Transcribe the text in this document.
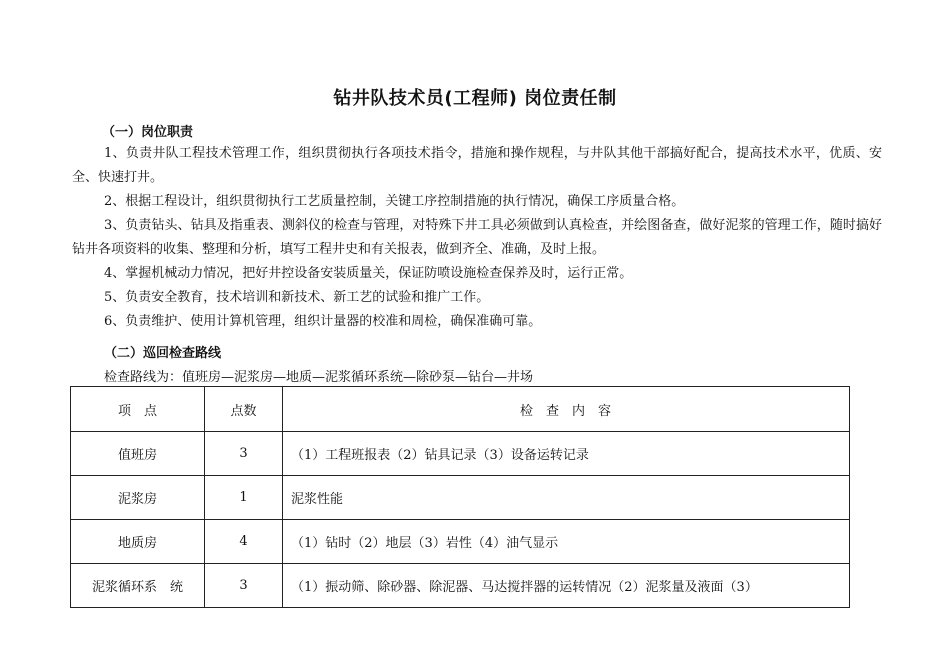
钻井队技术员(工程师) 岗位责任制
（一）岗位职责
1、负责井队工程技术管理工作，组织贯彻执行各项技术指令，措施和操作规程，与井队其他干部搞好配合，提高技术水平，优质、安全、快速打井。
2、根据工程设计，组织贯彻执行工艺质量控制，关键工序控制措施的执行情况，确保工序质量合格。
3、负责钻头、钻具及指重表、测斜仪的检查与管理，对特殊下井工具必须做到认真检查，并绘图备查，做好泥浆的管理工作，随时搞好钻井各项资料的收集、整理和分析，填写工程井史和有关报表，做到齐全、准确，及时上报。
4、掌握机械动力情况，把好井控设备安装质量关，保证防喷设施检查保养及时，运行正常。
5、负责安全教育，技术培训和新技术、新工艺的试验和推广工作。
6、负责维护、使用计算机管理，组织计量器的校准和周检，确保准确可靠。
（二）巡回检查路线
检查路线为：值班房—泥浆房—地质—泥浆循环系统—除砂泵—钻台—井场
项　点	点数	检　查　内　容
值班房	3	（1）工程班报表（2）钻具记录（3）设备运转记录
泥浆房	1	泥浆性能
地质房	4	（1）钻时（2）地层（3）岩性（4）油气显示
泥浆循环系　统	3	（1）振动筛、除砂器、除泥器、马达搅拌器的运转情况（2）泥浆量及液面（3）
